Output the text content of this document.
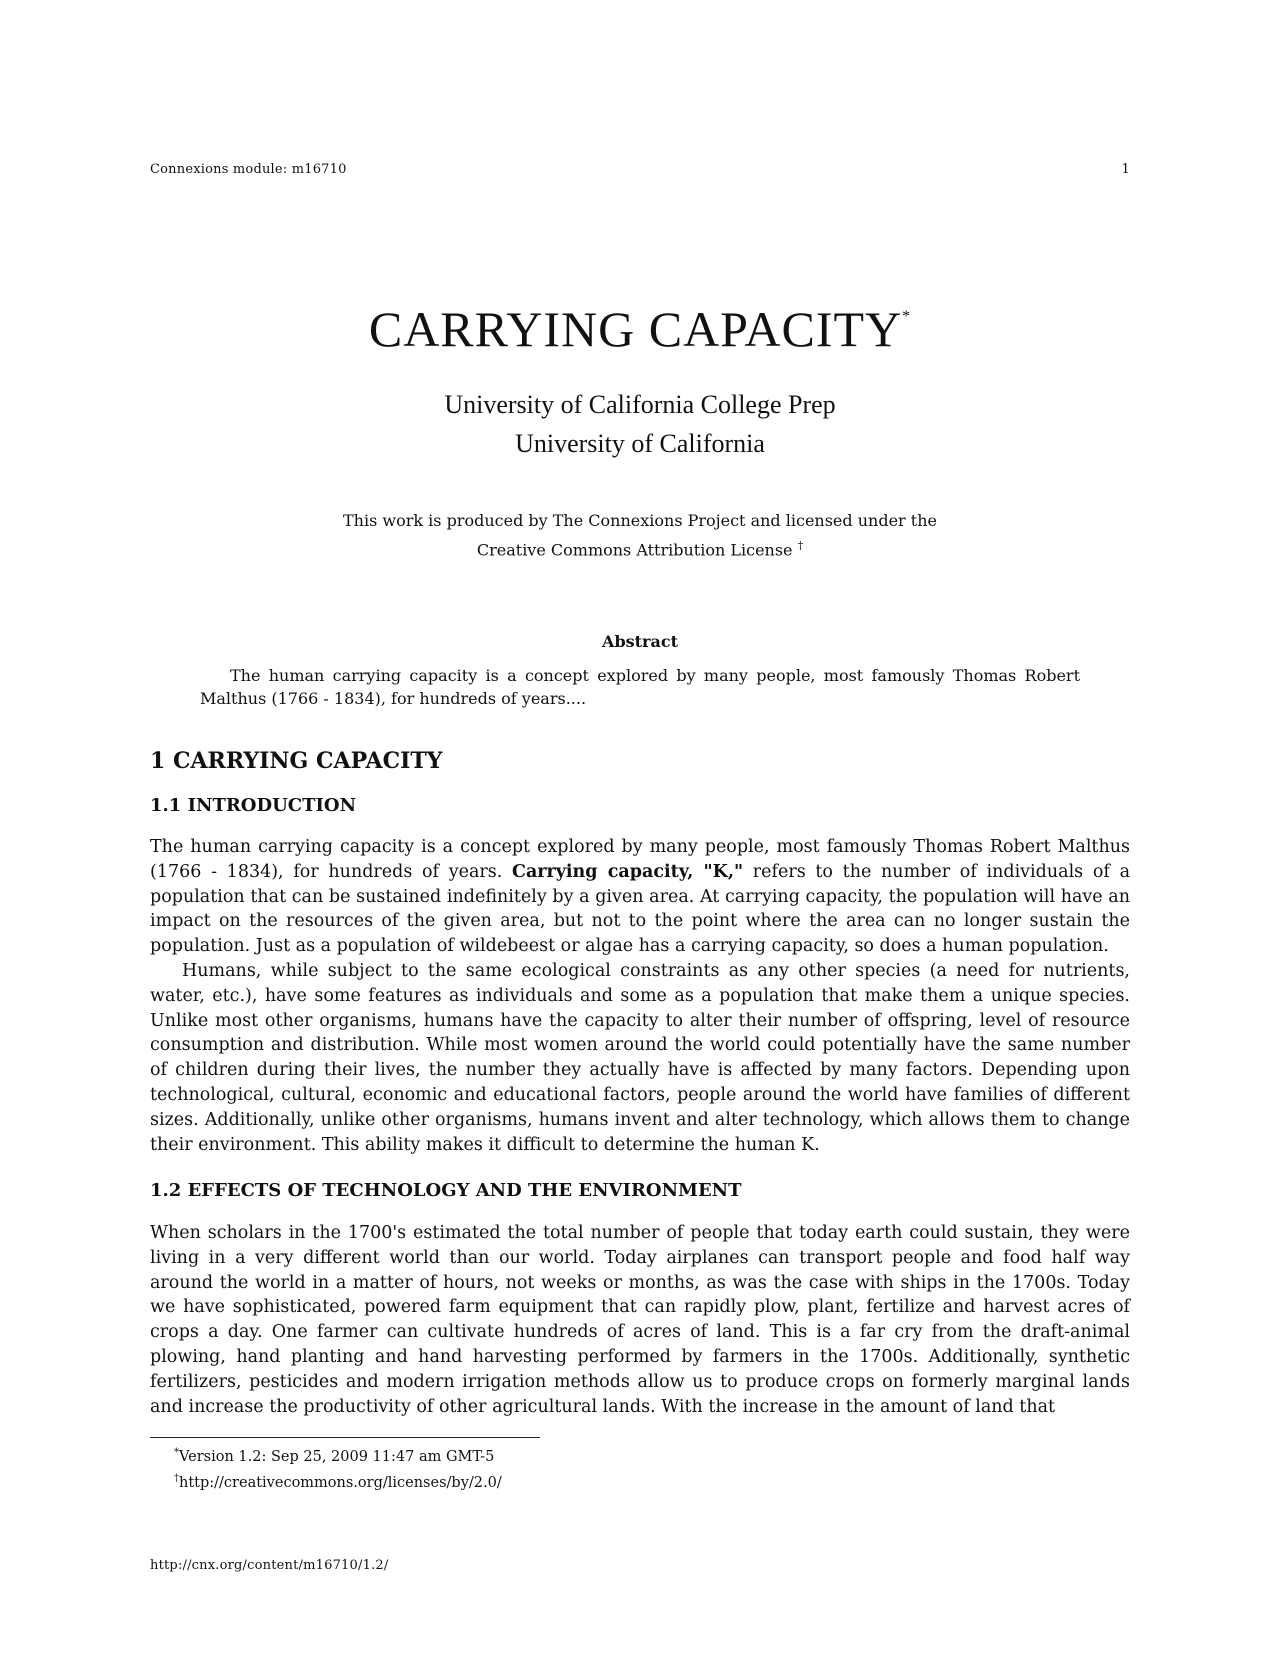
Connexions module: m16710	1
CARRYING CAPACITY*
University of California College Prep
University of California
This work is produced by The Connexions Project and licensed under the
Creative Commons Attribution License †
Abstract
The human carrying capacity is a concept explored by many people, most famously Thomas Robert Malthus (1766 - 1834), for hundreds of years....
1 CARRYING CAPACITY
1.1 INTRODUCTION

The human carrying capacity is a concept explored by many people, most famously Thomas Robert Malthus (1766 - 1834), for hundreds of years. Carrying capacity, "K," refers to the number of individuals of a population that can be sustained indefinitely by a given area. At carrying capacity, the population will have an impact on the resources of the given area, but not to the point where the area can no longer sustain the population. Just as a population of wildebeest or algae has a carrying capacity, so does a human population.

Humans, while subject to the same ecological constraints as any other species (a need for nutrients, water, etc.), have some features as individuals and some as a population that make them a unique species. Unlike most other organisms, humans have the capacity to alter their number of offspring, level of resource consumption and distribution. While most women around the world could potentially have the same number of children during their lives, the number they actually have is affected by many factors. Depending upon technological, cultural, economic and educational factors, people around the world have families of different sizes. Additionally, unlike other organisms, humans invent and alter technology, which allows them to change their environment. This ability makes it difficult to determine the human K.

1.2 EFFECTS OF TECHNOLOGY AND THE ENVIRONMENT

When scholars in the 1700's estimated the total number of people that today earth could sustain, they were living in a very different world than our world. Today airplanes can transport people and food half way around the world in a matter of hours, not weeks or months, as was the case with ships in the 1700s. Today we have sophisticated, powered farm equipment that can rapidly plow, plant, fertilize and harvest acres of crops a day. One farmer can cultivate hundreds of acres of land. This is a far cry from the draft-animal plowing, hand planting and hand harvesting performed by farmers in the 1700s. Additionally, synthetic fertilizers, pesticides and modern irrigation methods allow us to produce crops on formerly marginal lands and increase the productivity of other agricultural lands. With the increase in the amount of land that

*Version 1.2: Sep 25, 2009 11:47 am GMT-5
†http://creativecommons.org/licenses/by/2.0/
http://cnx.org/content/m16710/1.2/
